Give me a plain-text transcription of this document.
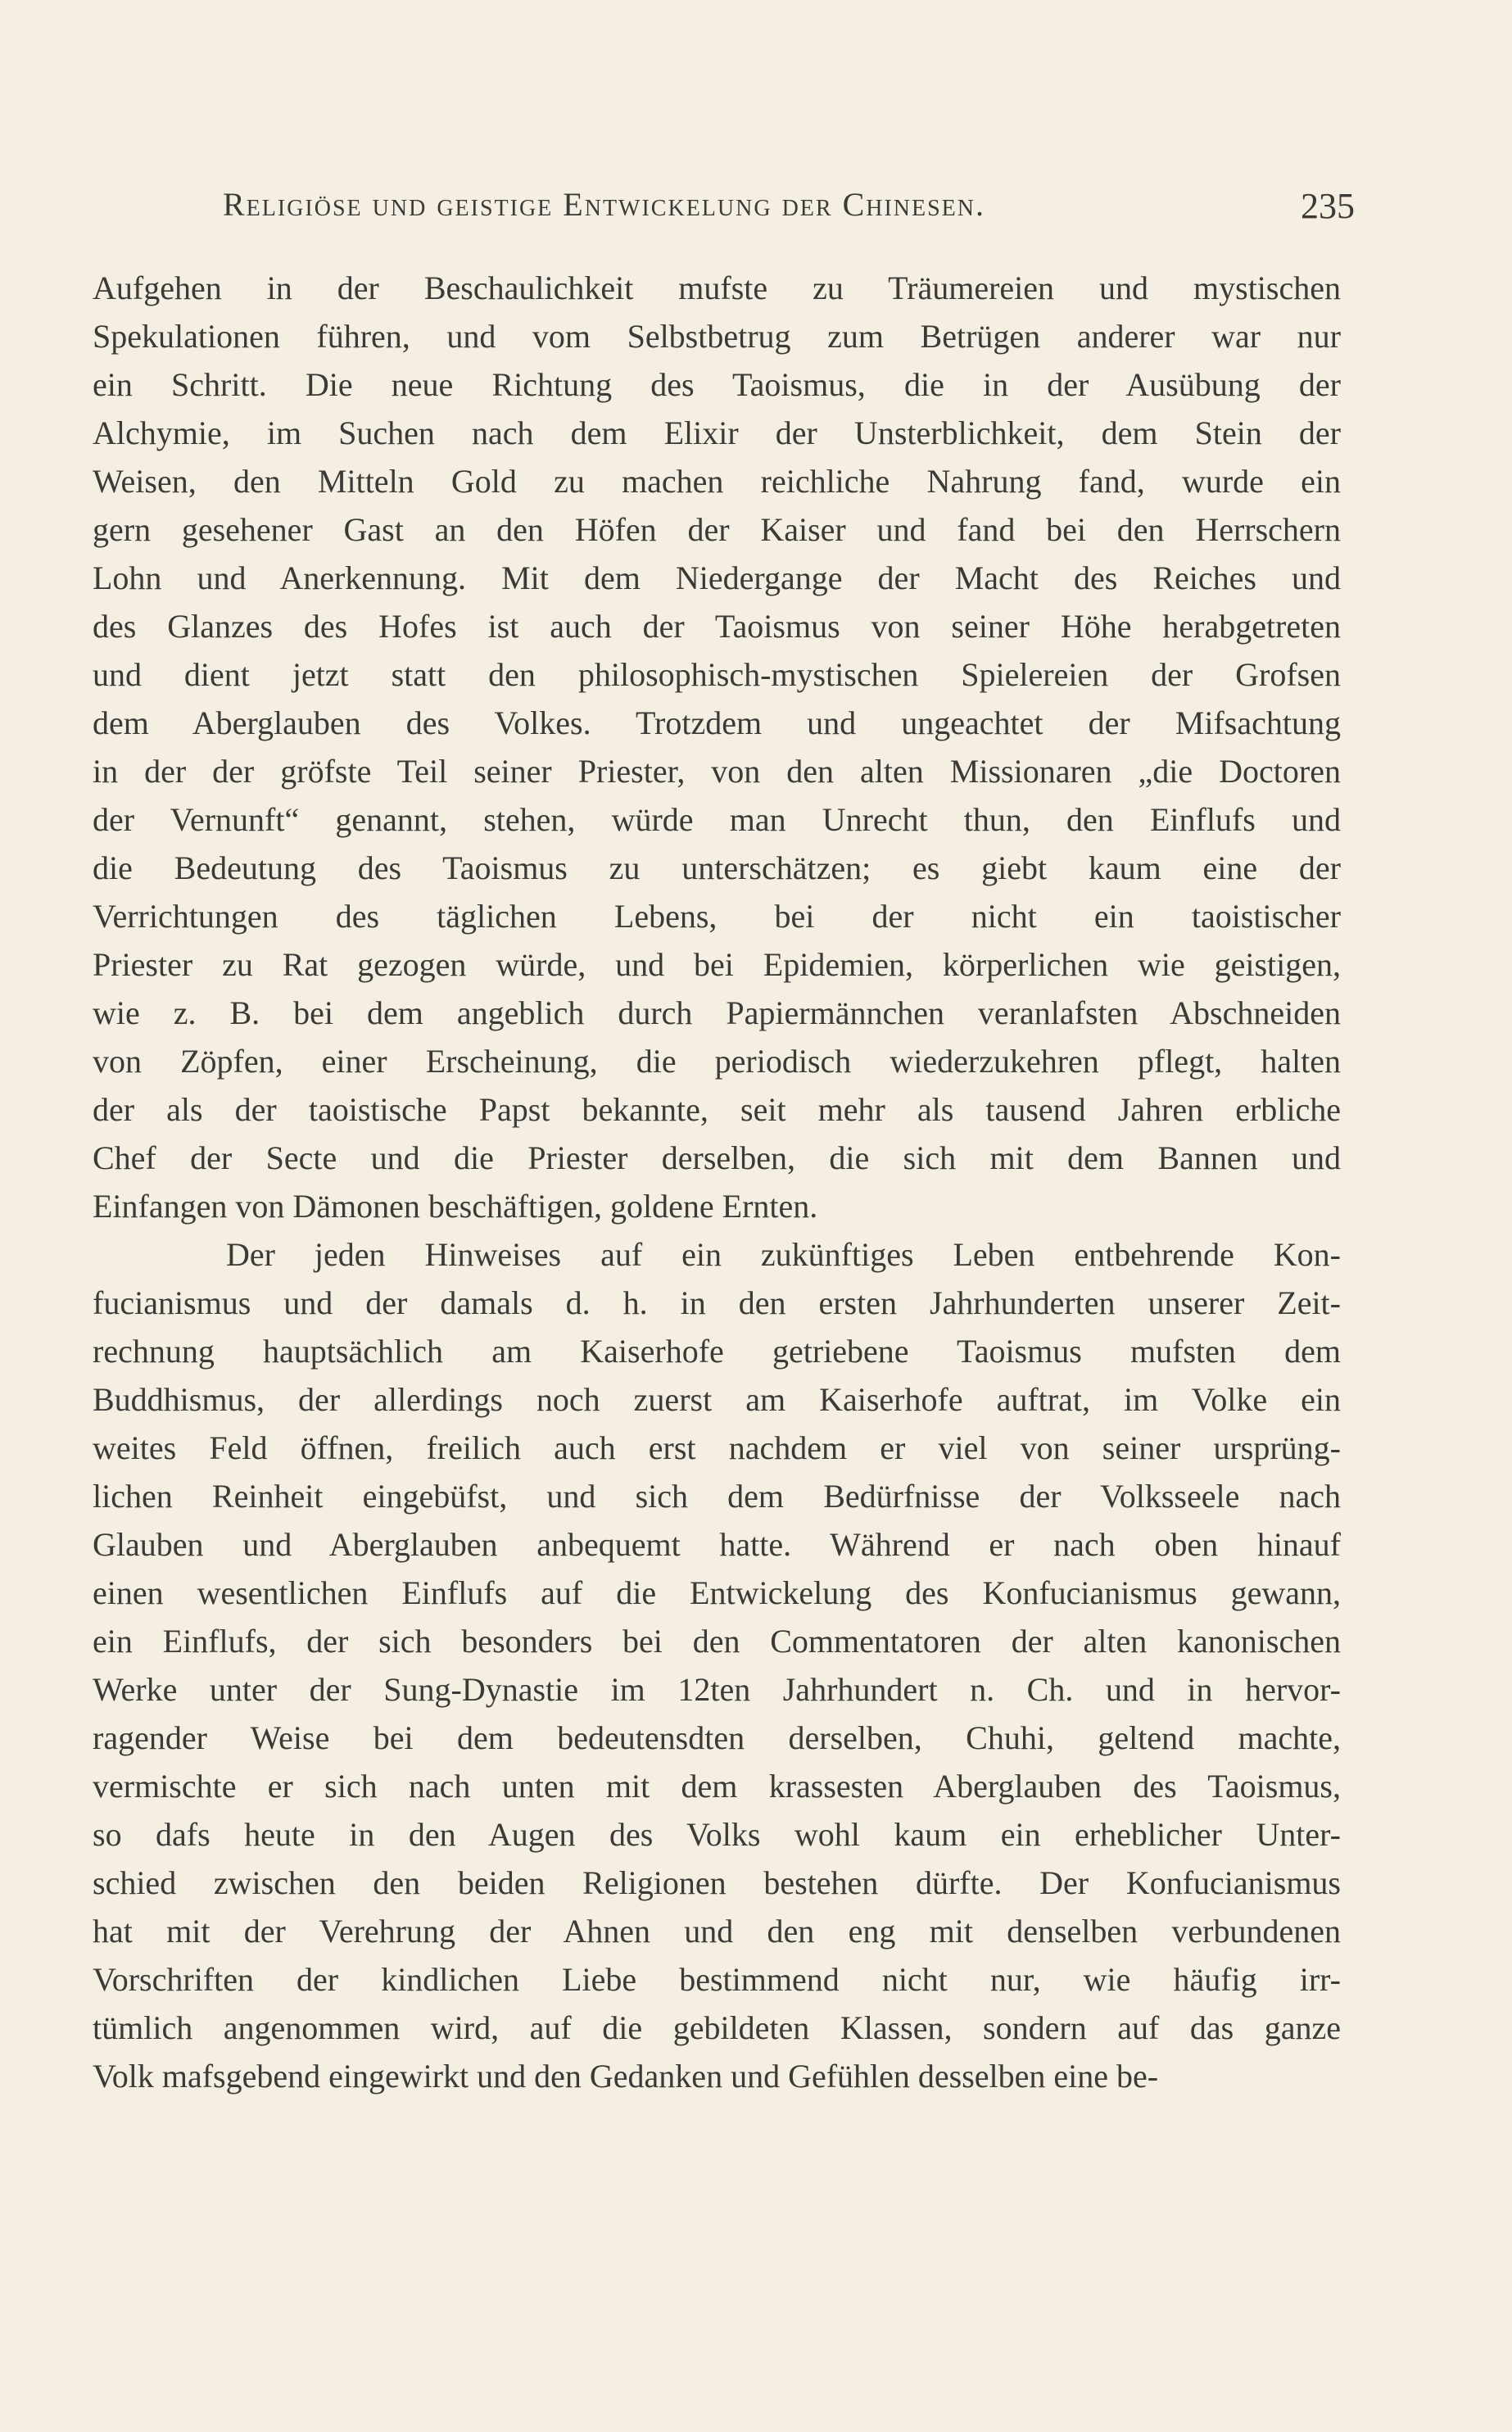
Religiöse und geistige Entwickelung der Chinesen.	235
Aufgehen in der Beschaulichkeit mufste zu Träumereien und mystischen
Spekulationen führen, und vom Selbstbetrug zum Betrügen anderer war nur
ein Schritt. Die neue Richtung des Taoismus, die in der Ausübung der
Alchymie, im Suchen nach dem Elixir der Unsterblichkeit, dem Stein der
Weisen, den Mitteln Gold zu machen reichliche Nahrung fand, wurde ein
gern gesehener Gast an den Höfen der Kaiser und fand bei den Herrschern
Lohn und Anerkennung. Mit dem Niedergange der Macht des Reiches und
des Glanzes des Hofes ist auch der Taoismus von seiner Höhe herabgetreten
und dient jetzt statt den philosophisch-mystischen Spielereien der Grofsen
dem Aberglauben des Volkes. Trotzdem und ungeachtet der Mifsachtung
in der der gröfste Teil seiner Priester, von den alten Missionaren „die Doctoren
der Vernunft“ genannt, stehen, würde man Unrecht thun, den Einflufs und
die Bedeutung des Taoismus zu unterschätzen; es giebt kaum eine der
Verrichtungen des täglichen Lebens, bei der nicht ein taoistischer
Priester zu Rat gezogen würde, und bei Epidemien, körperlichen wie geistigen,
wie z. B. bei dem angeblich durch Papiermännchen veranlafsten Abschneiden
von Zöpfen, einer Erscheinung, die periodisch wiederzukehren pflegt, halten
der als der taoistische Papst bekannte, seit mehr als tausend Jahren erbliche
Chef der Secte und die Priester derselben, die sich mit dem Bannen und
Einfangen von Dämonen beschäftigen, goldene Ernten.
Der jeden Hinweises auf ein zukünftiges Leben entbehrende Kon-
fucianismus und der damals d. h. in den ersten Jahrhunderten unserer Zeit-
rechnung hauptsächlich am Kaiserhofe getriebene Taoismus mufsten dem
Buddhismus, der allerdings noch zuerst am Kaiserhofe auftrat, im Volke ein
weites Feld öffnen, freilich auch erst nachdem er viel von seiner ursprüng-
lichen Reinheit eingebüfst, und sich dem Bedürfnisse der Volksseele nach
Glauben und Aberglauben anbequemt hatte. Während er nach oben hinauf
einen wesentlichen Einflufs auf die Entwickelung des Konfucianismus gewann,
ein Einflufs, der sich besonders bei den Commentatoren der alten kanonischen
Werke unter der Sung-Dynastie im 12ten Jahrhundert n. Ch. und in hervor-
ragender Weise bei dem bedeutensdten derselben, Chuhi, geltend machte,
vermischte er sich nach unten mit dem krassesten Aberglauben des Taoismus,
so dafs heute in den Augen des Volks wohl kaum ein erheblicher Unter-
schied zwischen den beiden Religionen bestehen dürfte. Der Konfucianismus
hat mit der Verehrung der Ahnen und den eng mit denselben verbundenen
Vorschriften der kindlichen Liebe bestimmend nicht nur, wie häufig irr-
tümlich angenommen wird, auf die gebildeten Klassen, sondern auf das ganze
Volk mafsgebend eingewirkt und den Gedanken und Gefühlen desselben eine be-
